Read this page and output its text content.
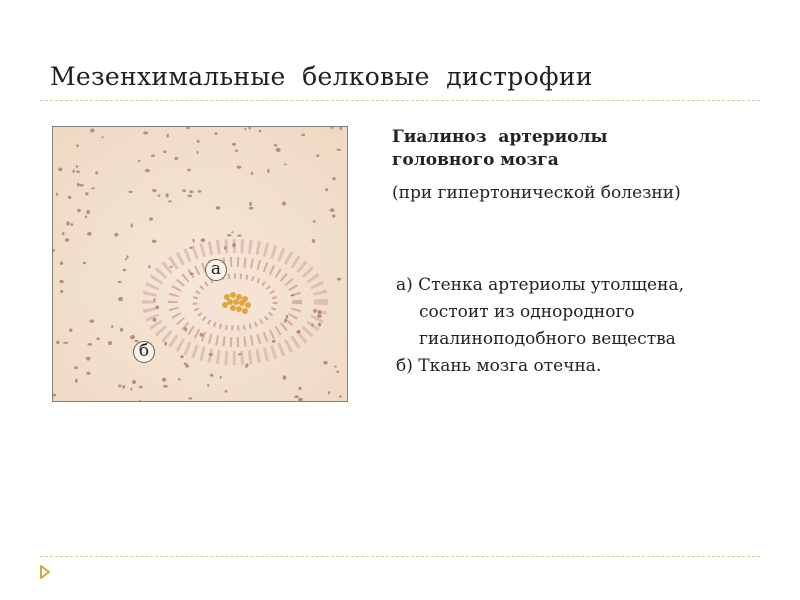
Мезенхимальные  белковые  дистрофии
а
б
Гиалиноз  артериолы
головного мозга
(при гипертонической болезни)
а) Стенка артериолы утолщена,
состоит из однородного
гиалиноподобного вещества
б) Ткань мозга отечна.
